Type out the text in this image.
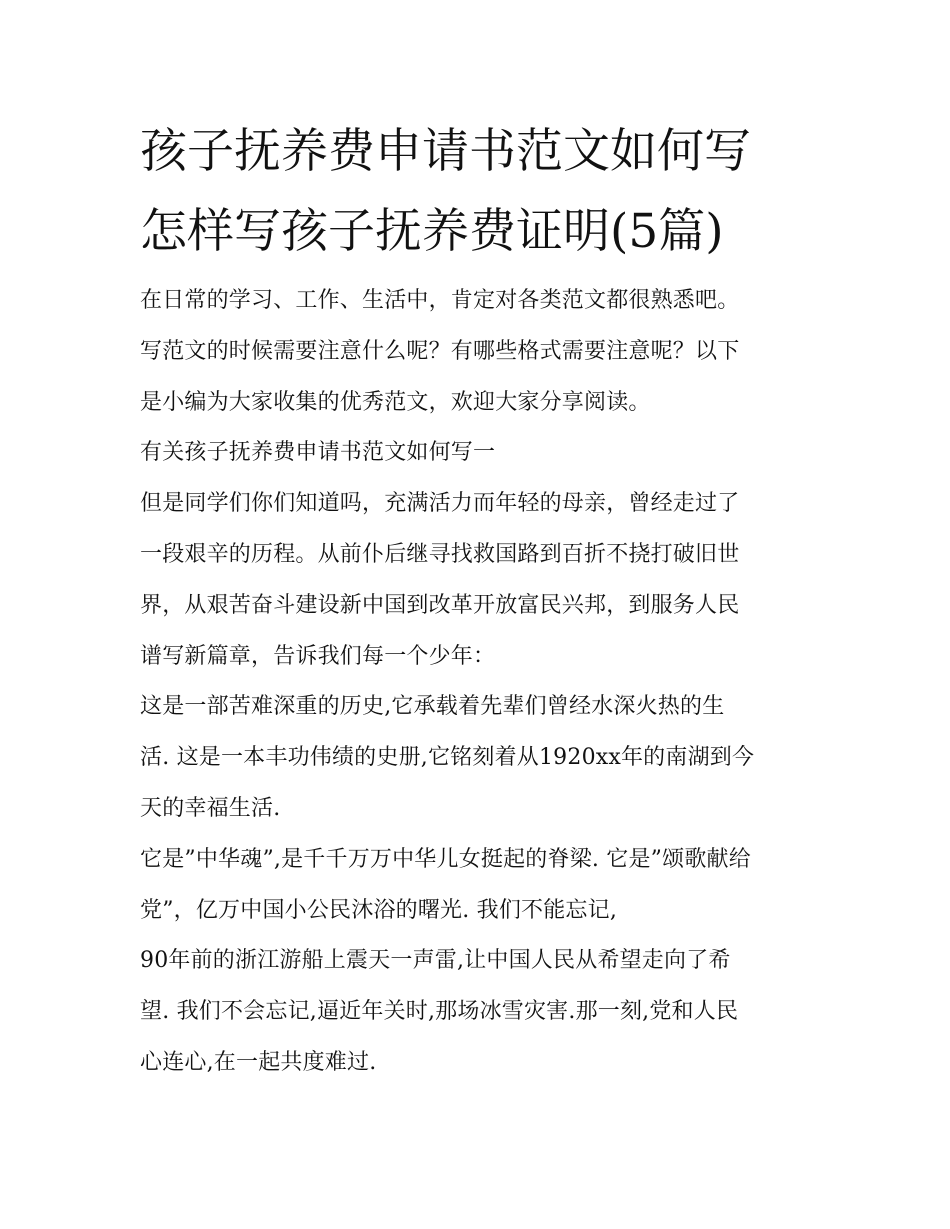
孩子抚养费申请书范文如何写
怎样写孩子抚养费证明(5篇)

在日常的学习、工作、生活中，肯定对各类范文都很熟悉吧。
写范文的时候需要注意什么呢？有哪些格式需要注意呢？以下
是小编为大家收集的优秀范文，欢迎大家分享阅读。

有关孩子抚养费申请书范文如何写一

但是同学们你们知道吗，充满活力而年轻的母亲，曾经走过了
一段艰辛的历程。从前仆后继寻找救国路到百折不挠打破旧世
界，从艰苦奋斗建设新中国到改革开放富民兴邦，到服务人民
谱写新篇章，告诉我们每一个少年：

这是一部苦难深重的历史,它承载着先辈们曾经水深火热的生
活. 这是一本丰功伟绩的史册,它铭刻着从1920xx年的南湖到今
天的幸福生活.

它是”中华魂”,是千千万万中华儿女挺起的脊梁. 它是”颂歌献给
党”，亿万中国小公民沐浴的曙光. 我们不能忘记,

90年前的浙江游船上震天一声雷,让中国人民从希望走向了希
望. 我们不会忘记,逼近年关时,那场冰雪灾害.那一刻,党和人民
心连心,在一起共度难过.
